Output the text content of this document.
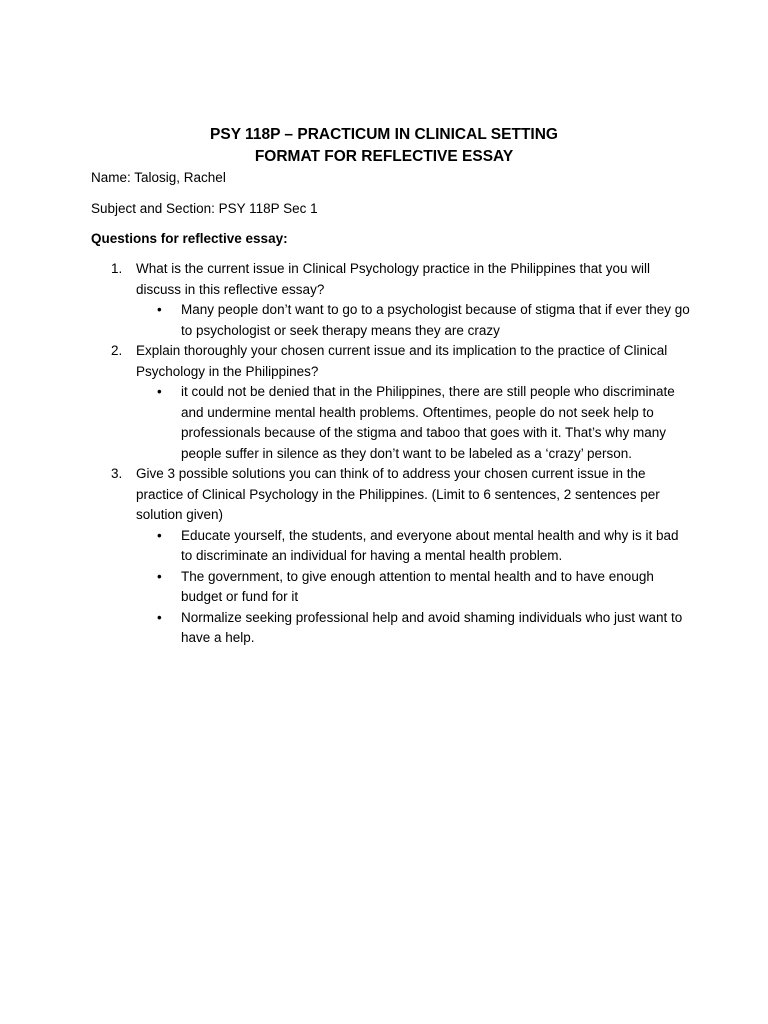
PSY 118P – PRACTICUM IN CLINICAL SETTING
FORMAT FOR REFLECTIVE ESSAY
Name: Talosig, Rachel
Subject and Section: PSY 118P Sec 1
Questions for reflective essay:
1. What is the current issue in Clinical Psychology practice in the Philippines that you will discuss in this reflective essay?
• Many people don’t want to go to a psychologist because of stigma that if ever they go to psychologist or seek therapy means they are crazy
2. Explain thoroughly your chosen current issue and its implication to the practice of Clinical Psychology in the Philippines?
• it could not be denied that in the Philippines, there are still people who discriminate and undermine mental health problems. Oftentimes, people do not seek help to professionals because of the stigma and taboo that goes with it. That’s why many people suffer in silence as they don’t want to be labeled as a ‘crazy’ person.
3. Give 3 possible solutions you can think of to address your chosen current issue in the practice of Clinical Psychology in the Philippines. (Limit to 6 sentences, 2 sentences per solution given)
• Educate yourself, the students, and everyone about mental health and why is it bad to discriminate an individual for having a mental health problem.
• The government, to give enough attention to mental health and to have enough budget or fund for it
• Normalize seeking professional help and avoid shaming individuals who just want to have a help.
